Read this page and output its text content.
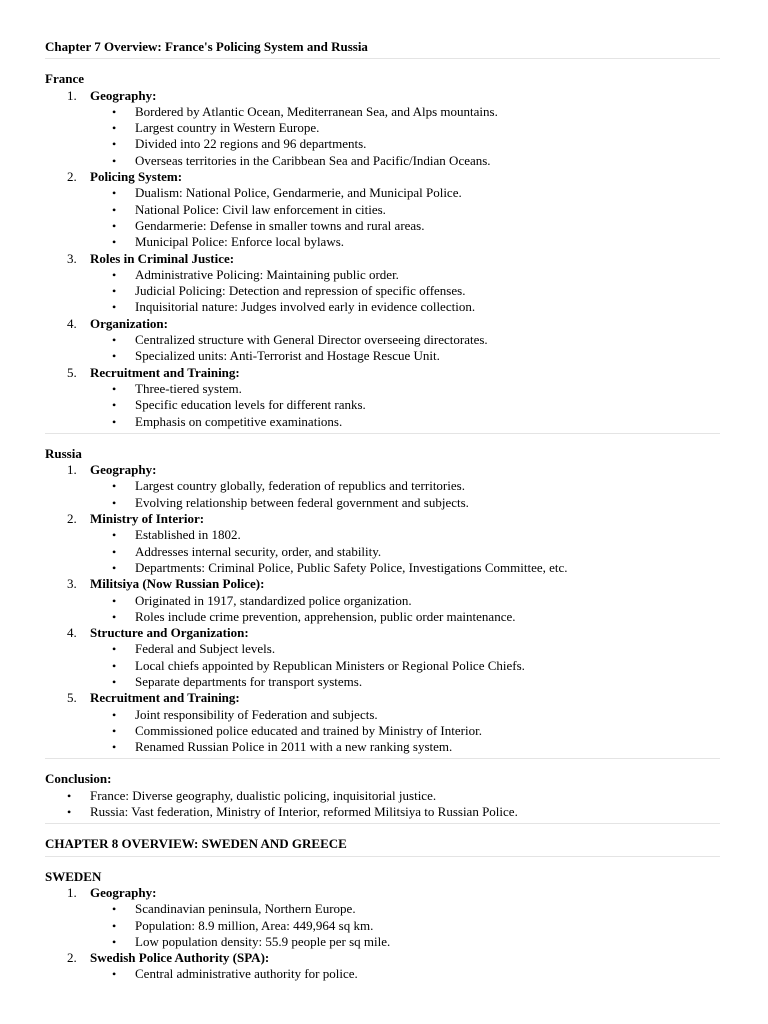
Chapter 7 Overview: France's Policing System and Russia
France
1. Geography:
• Bordered by Atlantic Ocean, Mediterranean Sea, and Alps mountains.
• Largest country in Western Europe.
• Divided into 22 regions and 96 departments.
• Overseas territories in the Caribbean Sea and Pacific/Indian Oceans.
2. Policing System:
• Dualism: National Police, Gendarmerie, and Municipal Police.
• National Police: Civil law enforcement in cities.
• Gendarmerie: Defense in smaller towns and rural areas.
• Municipal Police: Enforce local bylaws.
3. Roles in Criminal Justice:
• Administrative Policing: Maintaining public order.
• Judicial Policing: Detection and repression of specific offenses.
• Inquisitorial nature: Judges involved early in evidence collection.
4. Organization:
• Centralized structure with General Director overseeing directorates.
• Specialized units: Anti-Terrorist and Hostage Rescue Unit.
5. Recruitment and Training:
• Three-tiered system.
• Specific education levels for different ranks.
• Emphasis on competitive examinations.
Russia
1. Geography:
• Largest country globally, federation of republics and territories.
• Evolving relationship between federal government and subjects.
2. Ministry of Interior:
• Established in 1802.
• Addresses internal security, order, and stability.
• Departments: Criminal Police, Public Safety Police, Investigations Committee, etc.
3. Militsiya (Now Russian Police):
• Originated in 1917, standardized police organization.
• Roles include crime prevention, apprehension, public order maintenance.
4. Structure and Organization:
• Federal and Subject levels.
• Local chiefs appointed by Republican Ministers or Regional Police Chiefs.
• Separate departments for transport systems.
5. Recruitment and Training:
• Joint responsibility of Federation and subjects.
• Commissioned police educated and trained by Ministry of Interior.
• Renamed Russian Police in 2011 with a new ranking system.
Conclusion:
• France: Diverse geography, dualistic policing, inquisitorial justice.
• Russia: Vast federation, Ministry of Interior, reformed Militsiya to Russian Police.
CHAPTER 8 OVERVIEW: SWEDEN AND GREECE
SWEDEN
1. Geography:
• Scandinavian peninsula, Northern Europe.
• Population: 8.9 million, Area: 449,964 sq km.
• Low population density: 55.9 people per sq mile.
2. Swedish Police Authority (SPA):
• Central administrative authority for police.
